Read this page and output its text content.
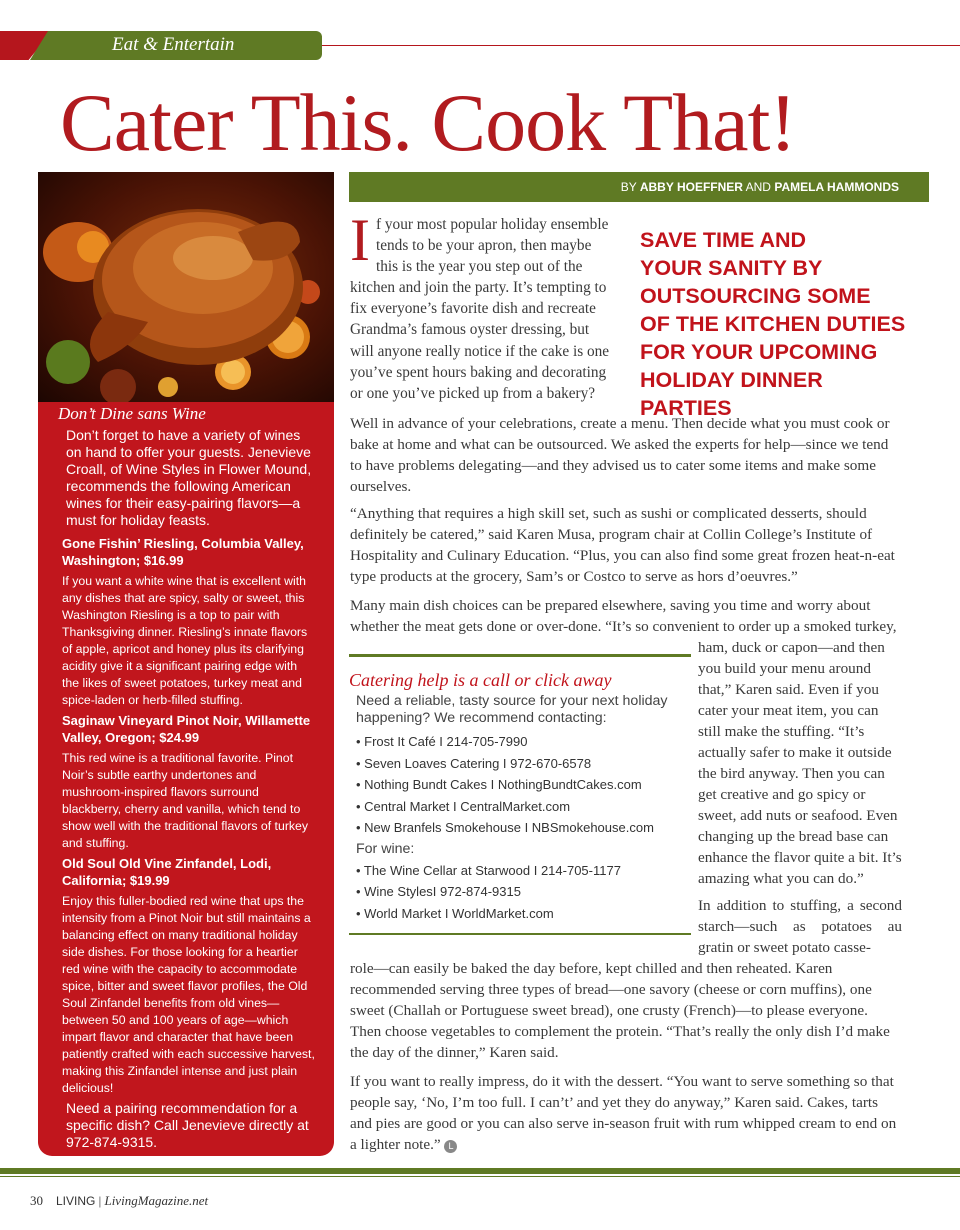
Eat & Entertain
Cater This. Cook That!
BY ABBY HOEFFNER AND PAMELA HAMMONDS
If your most popular holiday ensemble tends to be your apron, then maybe this is the year you step out of the kitchen and join the party. It’s tempting to fix everyone’s favorite dish and recreate Grandma’s famous oyster dressing, but will anyone really notice if the cake is one you’ve spent hours baking and decorating or one you’ve picked up from a bakery?
SAVE TIME AND
YOUR SANITY BY
OUTSOURCING SOME
OF THE KITCHEN DUTIES
FOR YOUR UPCOMING
HOLIDAY DINNER PARTIES

Well in advance of your celebrations, create a menu. Then decide what you must cook or bake at home and what can be outsourced. We asked the experts for help—since we tend to have problems delegating—and they advised us to cater some items and make some ourselves.

“Anything that requires a high skill set, such as sushi or complicated desserts, should definitely be catered,” said Karen Musa, program chair at Collin College’s Institute of Hospitality and Culinary Education. “Plus, you can also find some great frozen heat-n-eat type products at the grocery, Sam’s or Costco to serve as hors d’oeuvres.”

Many main dish choices can be prepared elsewhere, saving you time and worry about whether the meat gets done or over-done. “It’s so convenient to order up a smoked turkey,

ham, duck or capon—and then you build your menu around that,” Karen said. Even if you cater your meat item, you can still make the stuffing. “It’s actually safer to make it outside the bird anyway. Then you can get creative and go spicy or sweet, add nuts or seafood. Even changing up the bread base can enhance the flavor quite a bit. It’s amazing what you can do.”

In addition to stuffing, a second starch—such as potatoes au gratin or sweet potato casse-

role—can easily be baked the day before, kept chilled and then reheated. Karen recommended serving three types of bread—one savory (cheese or corn muffins), one sweet (Challah or Portuguese sweet bread), one crusty (French)—to please everyone. Then choose vegetables to complement the protein. “That’s really the only dish I’d make the day of the dinner,” Karen said.

If you want to really impress, do it with the dessert. “You want to serve something so that people say, ‘No, I’m too full. I can’t’ and yet they do anyway,” Karen said. Cakes, tarts and pies are good or you can also serve in-season fruit with rum whipped cream to end on a lighter note.” L

Don’t Dine sans Wine
Don’t forget to have a variety of wines on hand to offer your guests. Jenevieve Croall, of Wine Styles in Flower Mound, recommends the following American wines for their easy-pairing flavors—a must for holiday feasts.
Gone Fishin’ Riesling, Columbia Valley, Washington; $16.99
If you want a white wine that is excellent with any dishes that are spicy, salty or sweet, this Washington Riesling is a top to pair with Thanksgiving dinner. Riesling’s innate flavors of apple, apricot and honey plus its clarifying acidity give it a significant pairing edge with the likes of sweet potatoes, turkey meat and spice-laden or herb-filled stuffing.
Saginaw Vineyard Pinot Noir, Willamette Valley, Oregon; $24.99
This red wine is a traditional favorite. Pinot Noir’s subtle earthy undertones and mushroom-inspired flavors surround blackberry, cherry and vanilla, which tend to show well with the traditional flavors of turkey and stuffing.
Old Soul Old Vine Zinfandel, Lodi, California; $19.99
Enjoy this fuller-bodied red wine that ups the intensity from a Pinot Noir but still maintains a balancing effect on many traditional holiday side dishes. For those looking for a heartier red wine with the capacity to accommodate spice, bitter and sweet flavor profiles, the Old Soul Zinfandel benefits from old vines—between 50 and 100 years of age—which impart flavor and character that have been patiently crafted with each successive harvest, making this Zinfandel intense and just plain delicious!
Need a pairing recommendation for a specific dish? Call Jenevieve directly at 972-874-9315.
Catering help is a call or click away
Need a reliable, tasty source for your next holiday happening? We recommend contacting:
• Frost It Café I 214-705-7990
• Seven Loaves Catering I 972-670-6578
• Nothing Bundt Cakes I NothingBundtCakes.com
• Central Market I CentralMarket.com
• New Branfels Smokehouse I NBSmokehouse.com
For wine:
• The Wine Cellar at Starwood I 214-705-1177
• Wine StylesI 972-874-9315
• World Market I WorldMarket.com
30 LIVING | LivingMagazine.net
